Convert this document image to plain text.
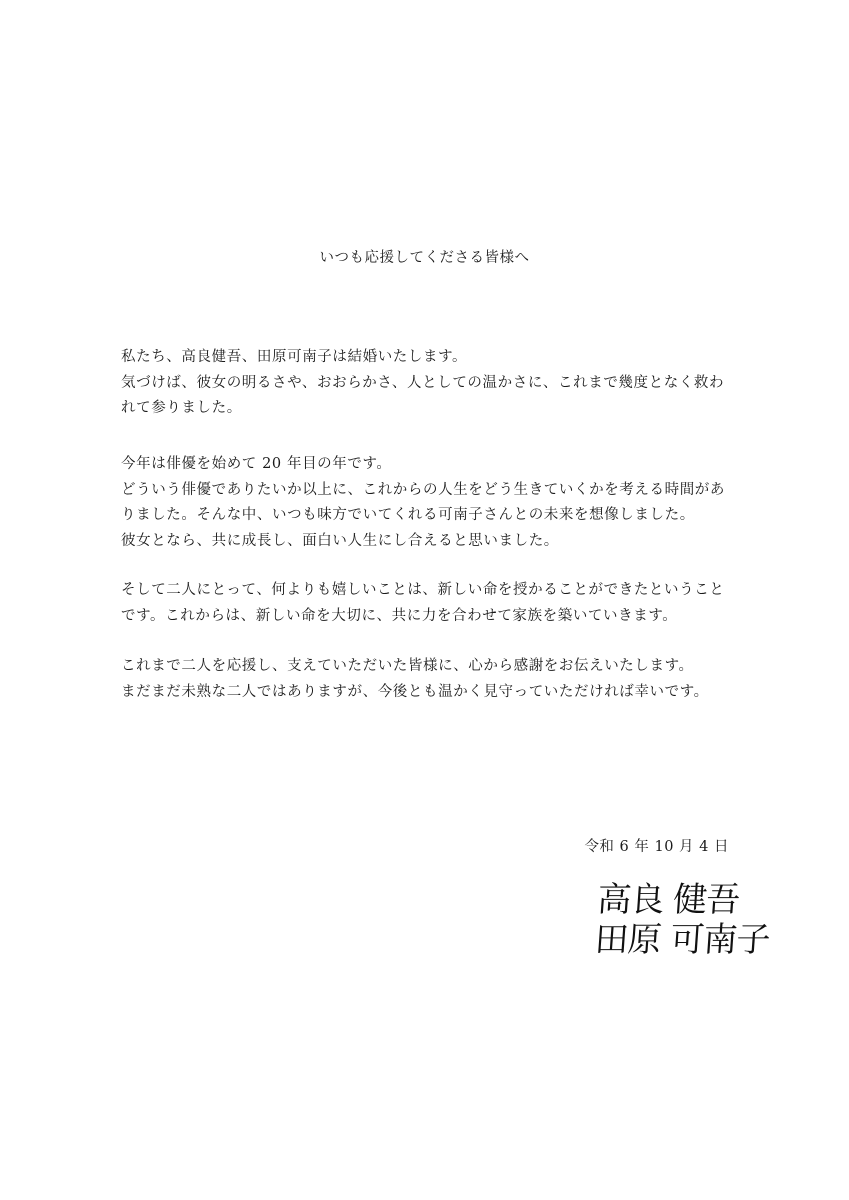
いつも応援してくださる皆様へ

私たち、高良健吾、田原可南子は結婚いたします。

気づけば、彼女の明るさや、おおらかさ、人としての温かさに、これまで幾度となく救わ

れて参りました。

今年は俳優を始めて 20 年目の年です。

どういう俳優でありたいか以上に、これからの人生をどう生きていくかを考える時間があ

りました。そんな中、いつも味方でいてくれる可南子さんとの未来を想像しました。

彼女となら、共に成長し、面白い人生にし合えると思いました。

そして二人にとって、何よりも嬉しいことは、新しい命を授かることができたということ

です。これからは、新しい命を大切に、共に力を合わせて家族を築いていきます。

これまで二人を応援し、支えていただいた皆様に、心から感謝をお伝えいたします。

まだまだ未熟な二人ではありますが、今後とも温かく見守っていただければ幸いです。

令和 6 年 10 月 4 日
高良 健吾
田原 可南子
